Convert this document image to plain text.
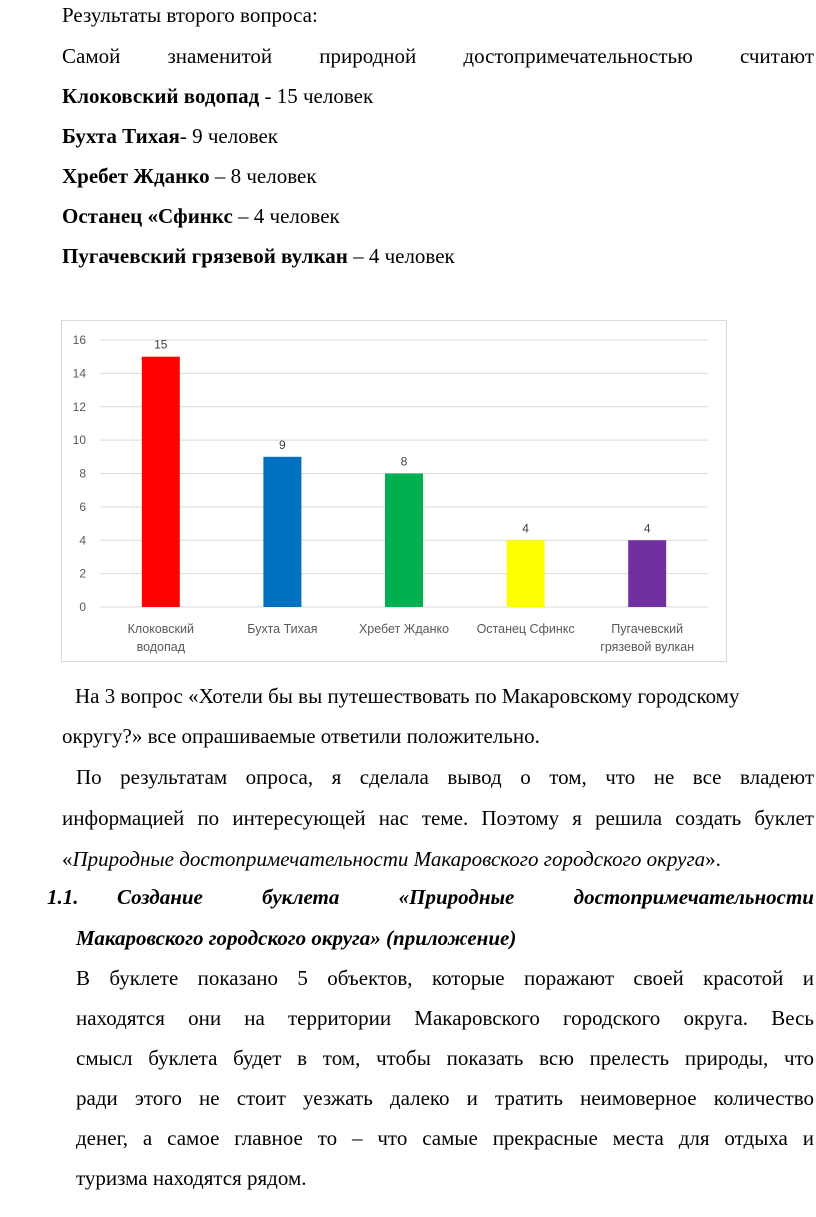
Результаты второго вопроса:
Самой знаменитой природной достопримечательностью считают
Клоковский водопад - 15 человек
Бухта Тихая- 9 человек
Хребет Жданко – 8 человек
Останец «Сфинкс – 4 человек
Пугачевский грязевой вулкан – 4 человек
0
2
4
6
8
10
12
14
16	15
Клоковский
водопад
9
Бухта Тихая
8
Хребет Жданко
4
Останец Сфинкс
4
Пугачевский
грязевой вулкан
На 3 вопрос «Хотели бы вы путешествовать по Макаровскому городскому
округу?» все опрашиваемые ответили положительно.
По результатам опроса, я сделала вывод о том, что не все владеют
информацией по интересующей нас теме. Поэтому я решила создать буклет
«Природные достопримечательности Макаровского городского округа».
1.1. Создание буклета «Природные достопримечательности
Макаровского городского округа» (приложение)
В буклете показано 5 объектов, которые поражают своей красотой и
находятся они на территории Макаровского городского округа. Весь
смысл буклета будет в том, чтобы показать всю прелесть природы, что
ради этого не стоит уезжать далеко и тратить неимоверное количество
денег, а самое главное то – что самые прекрасные места для отдыха и
туризма находятся рядом.
